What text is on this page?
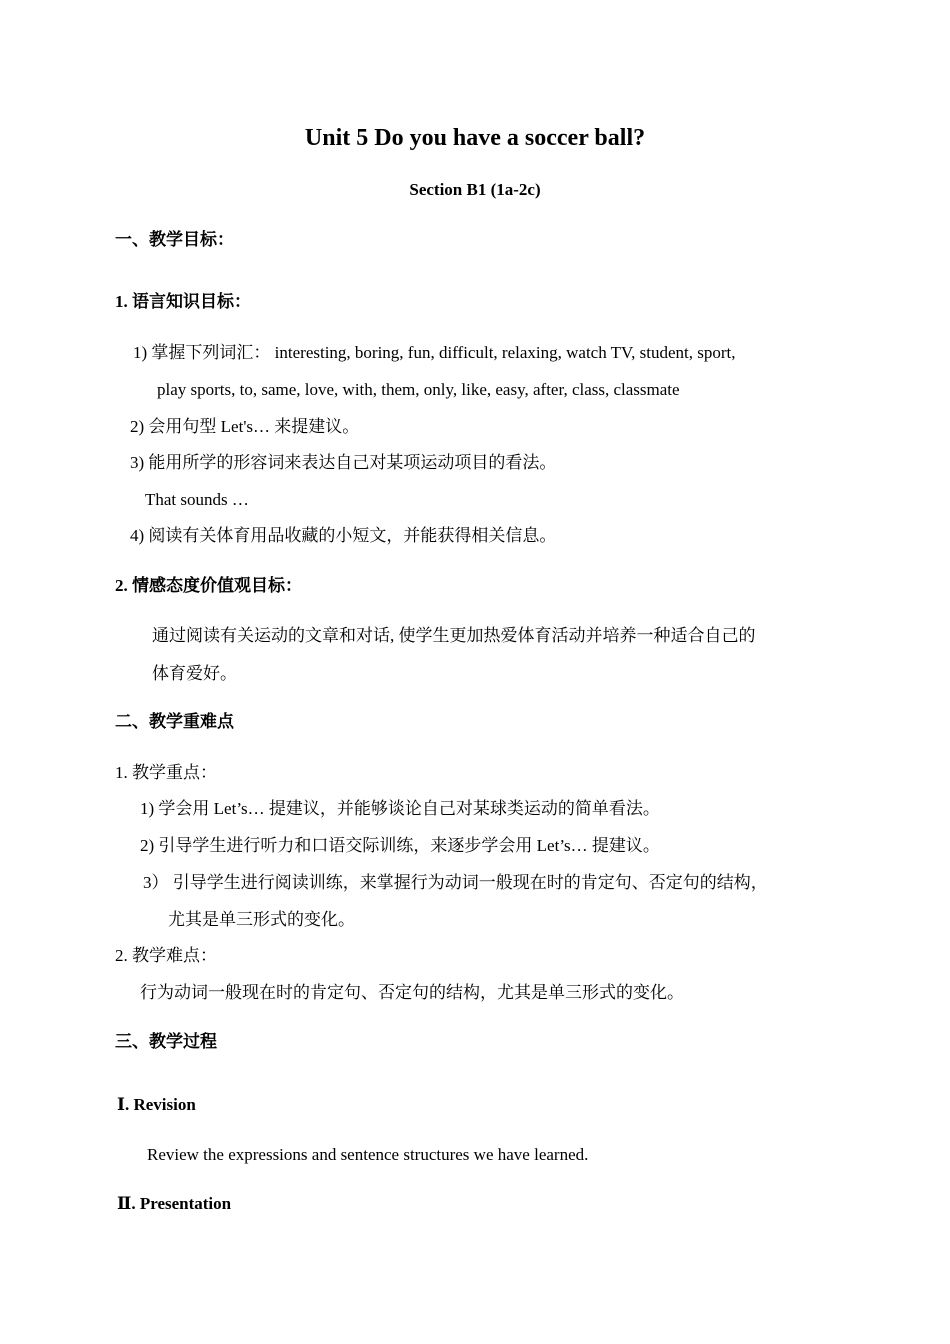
Unit 5 Do you have a soccer ball?
Section B1 (1a-2c)
一、教学目标：
1. 语言知识目标：
1) 掌握下列词汇： interesting, boring, fun, difficult, relaxing, watch TV, student, sport,
play sports, to, same, love, with, them, only, like, easy, after, class, classmate
2) 会用句型 Let's… 来提建议。
3) 能用所学的形容词来表达自己对某项运动项目的看法。
That sounds …
4) 阅读有关体育用品收藏的小短文，并能获得相关信息。
2. 情感态度价值观目标：
通过阅读有关运动的文章和对话, 使学生更加热爱体育活动并培养一种适合自己的
体育爱好。
二、教学重难点
1. 教学重点：
1) 学会用 Let’s… 提建议，并能够谈论自己对某球类运动的简单看法。
2) 引导学生进行听力和口语交际训练，来逐步学会用 Let’s… 提建议。
3） 引导学生进行阅读训练，来掌握行为动词一般现在时的肯定句、否定句的结构，
尤其是单三形式的变化。
2. 教学难点：
行为动词一般现在时的肯定句、否定句的结构，尤其是单三形式的变化。
三、教学过程
Ⅰ. Revision
Review the expressions and sentence structures we have learned.
Ⅱ. Presentation
